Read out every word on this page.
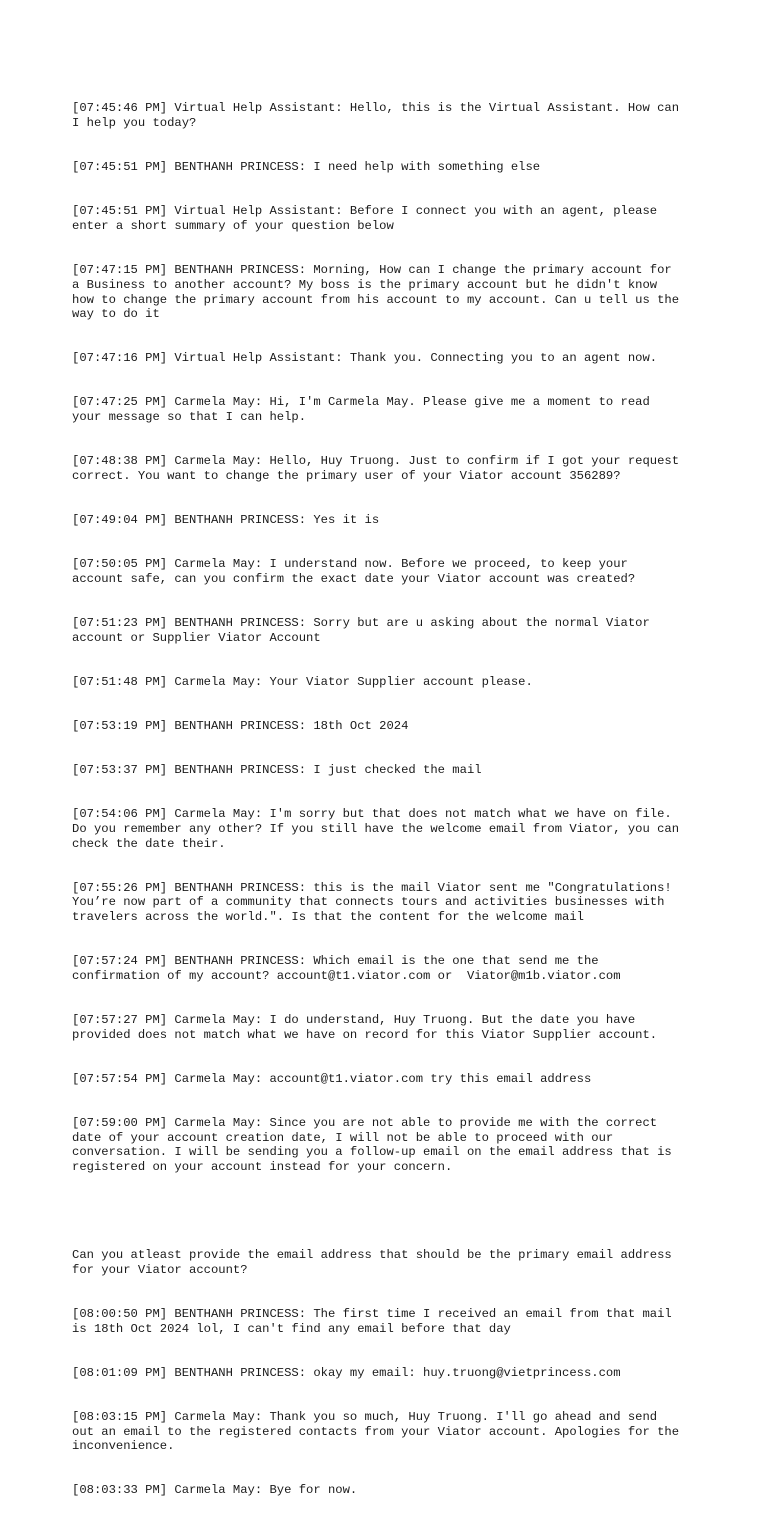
[07:45:46 PM] Virtual Help Assistant: Hello, this is the Virtual Assistant. How can
I help you today?

[07:45:51 PM] BENTHANH PRINCESS: I need help with something else

[07:45:51 PM] Virtual Help Assistant: Before I connect you with an agent, please
enter a short summary of your question below

[07:47:15 PM] BENTHANH PRINCESS: Morning, How can I change the primary account for
a Business to another account? My boss is the primary account but he didn't know
how to change the primary account from his account to my account. Can u tell us the
way to do it

[07:47:16 PM] Virtual Help Assistant: Thank you. Connecting you to an agent now.

[07:47:25 PM] Carmela May: Hi, I'm Carmela May. Please give me a moment to read
your message so that I can help.

[07:48:38 PM] Carmela May: Hello, Huy Truong. Just to confirm if I got your request
correct. You want to change the primary user of your Viator account 356289?

[07:49:04 PM] BENTHANH PRINCESS: Yes it is

[07:50:05 PM] Carmela May: I understand now. Before we proceed, to keep your
account safe, can you confirm the exact date your Viator account was created?

[07:51:23 PM] BENTHANH PRINCESS: Sorry but are u asking about the normal Viator
account or Supplier Viator Account

[07:51:48 PM] Carmela May: Your Viator Supplier account please.

[07:53:19 PM] BENTHANH PRINCESS: 18th Oct 2024

[07:53:37 PM] BENTHANH PRINCESS: I just checked the mail

[07:54:06 PM] Carmela May: I'm sorry but that does not match what we have on file.
Do you remember any other? If you still have the welcome email from Viator, you can
check the date their.

[07:55:26 PM] BENTHANH PRINCESS: this is the mail Viator sent me "Congratulations!
You’re now part of a community that connects tours and activities businesses with
travelers across the world.". Is that the content for the welcome mail

[07:57:24 PM] BENTHANH PRINCESS: Which email is the one that send me the
confirmation of my account? account@t1.viator.com or  Viator@m1b.viator.com

[07:57:27 PM] Carmela May: I do understand, Huy Truong. But the date you have
provided does not match what we have on record for this Viator Supplier account.

[07:57:54 PM] Carmela May: account@t1.viator.com try this email address

[07:59:00 PM] Carmela May: Since you are not able to provide me with the correct
date of your account creation date, I will not be able to proceed with our
conversation. I will be sending you a follow-up email on the email address that is
registered on your account instead for your concern.

Can you atleast provide the email address that should be the primary email address
for your Viator account?

[08:00:50 PM] BENTHANH PRINCESS: The first time I received an email from that mail
is 18th Oct 2024 lol, I can't find any email before that day

[08:01:09 PM] BENTHANH PRINCESS: okay my email: huy.truong@vietprincess.com

[08:03:15 PM] Carmela May: Thank you so much, Huy Truong. I'll go ahead and send
out an email to the registered contacts from your Viator account. Apologies for the
inconvenience.

[08:03:33 PM] Carmela May: Bye for now.
